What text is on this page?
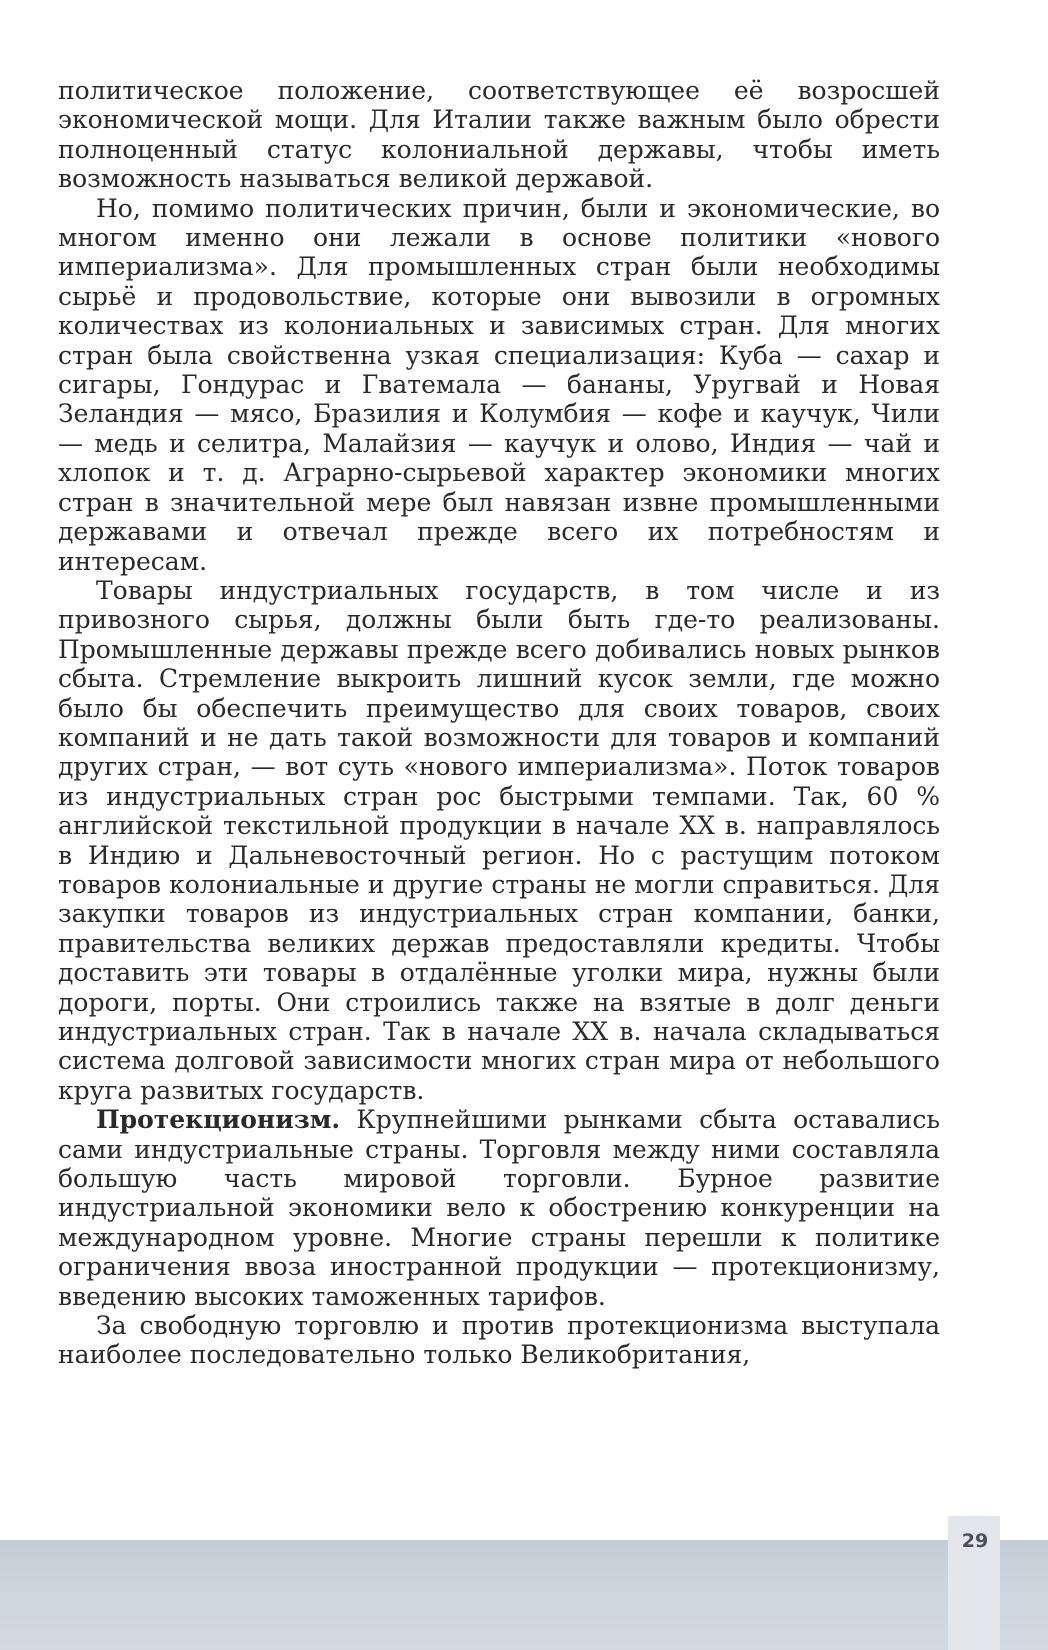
политическое положение, соответствующее её возросшей экономической мощи. Для Италии также важным было обрести полноценный статус колониальной державы, чтобы иметь возможность называться великой державой.

Но, помимо политических причин, были и экономические, во многом именно они лежали в основе политики «нового империализма». Для промышленных стран были необходимы сырьё и продовольствие, которые они вывозили в огромных количествах из колониальных и зависимых стран. Для многих стран была свойственна узкая специализация: Куба — сахар и сигары, Гондурас и Гватемала — бананы, Уругвай и Новая Зеландия — мясо, Бразилия и Колумбия — кофе и каучук, Чили — медь и селитра, Малайзия — каучук и олово, Индия — чай и хлопок и т. д. Аграрно-сырьевой характер экономики многих стран в значительной мере был навязан извне промышленными державами и отвечал прежде всего их потребностям и интересам.

Товары индустриальных государств, в том числе и из привозного сырья, должны были быть где-то реализованы. Промышленные державы прежде всего добивались новых рынков сбыта. Стремление выкроить лишний кусок земли, где можно было бы обеспечить преимущество для своих товаров, своих компаний и не дать такой возможности для товаров и компаний других стран, — вот суть «нового империализма». Поток товаров из индустриальных стран рос быстрыми темпами. Так, 60 % английской текстильной продукции в начале XX в. направлялось в Индию и Дальневосточный регион. Но с растущим потоком товаров колониальные и другие страны не могли справиться. Для закупки товаров из индустриальных стран компании, банки, правительства великих держав предоставляли кредиты. Чтобы доставить эти товары в отдалённые уголки мира, нужны были дороги, порты. Они строились также на взятые в долг деньги индустриальных стран. Так в начале XX в. начала складываться система долговой зависимости многих стран мира от небольшого круга развитых государств.

Протекционизм. Крупнейшими рынками сбыта оставались сами индустриальные страны. Торговля между ними составляла большую часть мировой торговли. Бурное развитие индустриальной экономики вело к обострению конкуренции на международном уровне. Многие страны перешли к политике ограничения ввоза иностранной продукции — протекционизму, введению высоких таможенных тарифов.

За свободную торговлю и против протекционизма выступала наиболее последовательно только Великобритания,

29
